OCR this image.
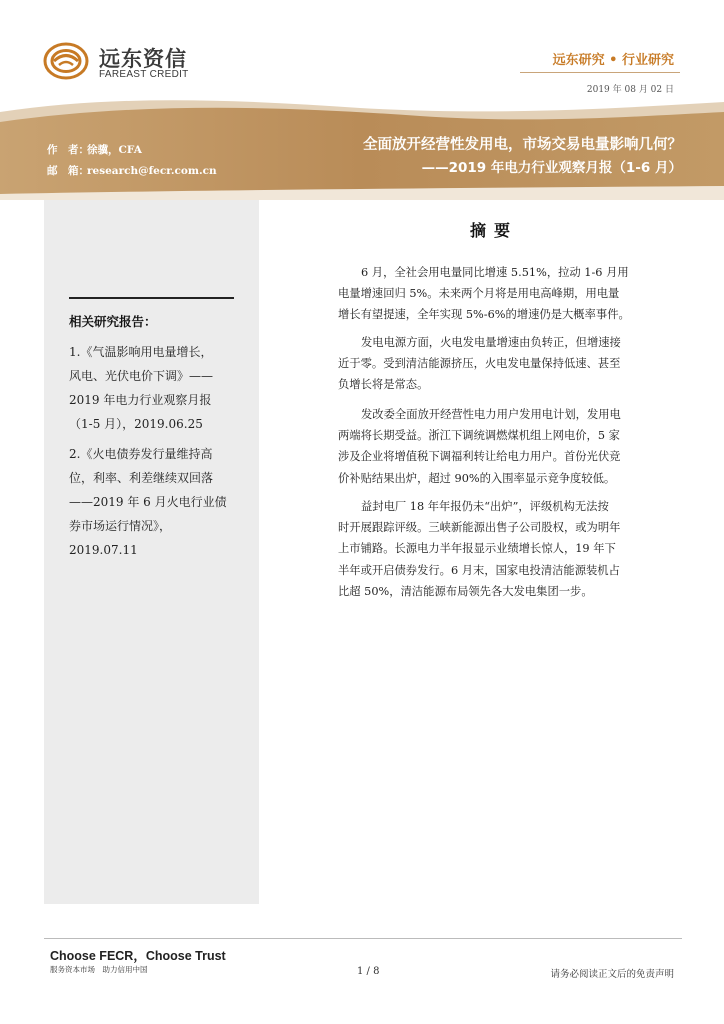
远东资信
FAREAST CREDIT
远东研究 • 行业研究
2019 年 08 月 02 日
全面放开经营性发用电，市场交易电量影响几何？
——2019 年电力行业观察月报（1-6 月）
作　者：徐骥，CFA
邮　箱：research@fecr.com.cn
相关研究报告：
1.《气温影响用电量增长，
风电、光伏电价下调》——
2019 年电力行业观察月报
（1-5 月），2019.06.25
2.《火电债券发行量维持高
位，利率、利差继续双回落
——2019 年 6 月火电行业债
券市场运行情况》，
2019.07.11
摘要
6 月，全社会用电量同比增速 5.51%，拉动 1-6 月用
电量增速回归 5%。未来两个月将是用电高峰期，用电量
增长有望提速，全年实现 5%-6%的增速仍是大概率事件。
发电电源方面，火电发电量增速由负转正，但增速接
近于零。受到清洁能源挤压，火电发电量保持低速、甚至
负增长将是常态。
发改委全面放开经营性电力用户发用电计划，发用电
两端将长期受益。浙江下调统调燃煤机组上网电价，5 家
涉及企业将增值税下调福利转让给电力用户。首份光伏竞
价补贴结果出炉，超过 90%的入围率显示竞争度较低。
益封电厂 18 年年报仍未“出炉”，评级机构无法按
时开展跟踪评级。三峡新能源出售子公司股权，或为明年
上市铺路。长源电力半年报显示业绩增长惊人，19 年下
半年或开启债券发行。6 月末，国家电投清洁能源装机占
比超 50%，清洁能源布局领先各大发电集团一步。
Choose FECR，Choose Trust
服务资本市场　助力信用中国	1 / 8	请务必阅读正文后的免责声明
